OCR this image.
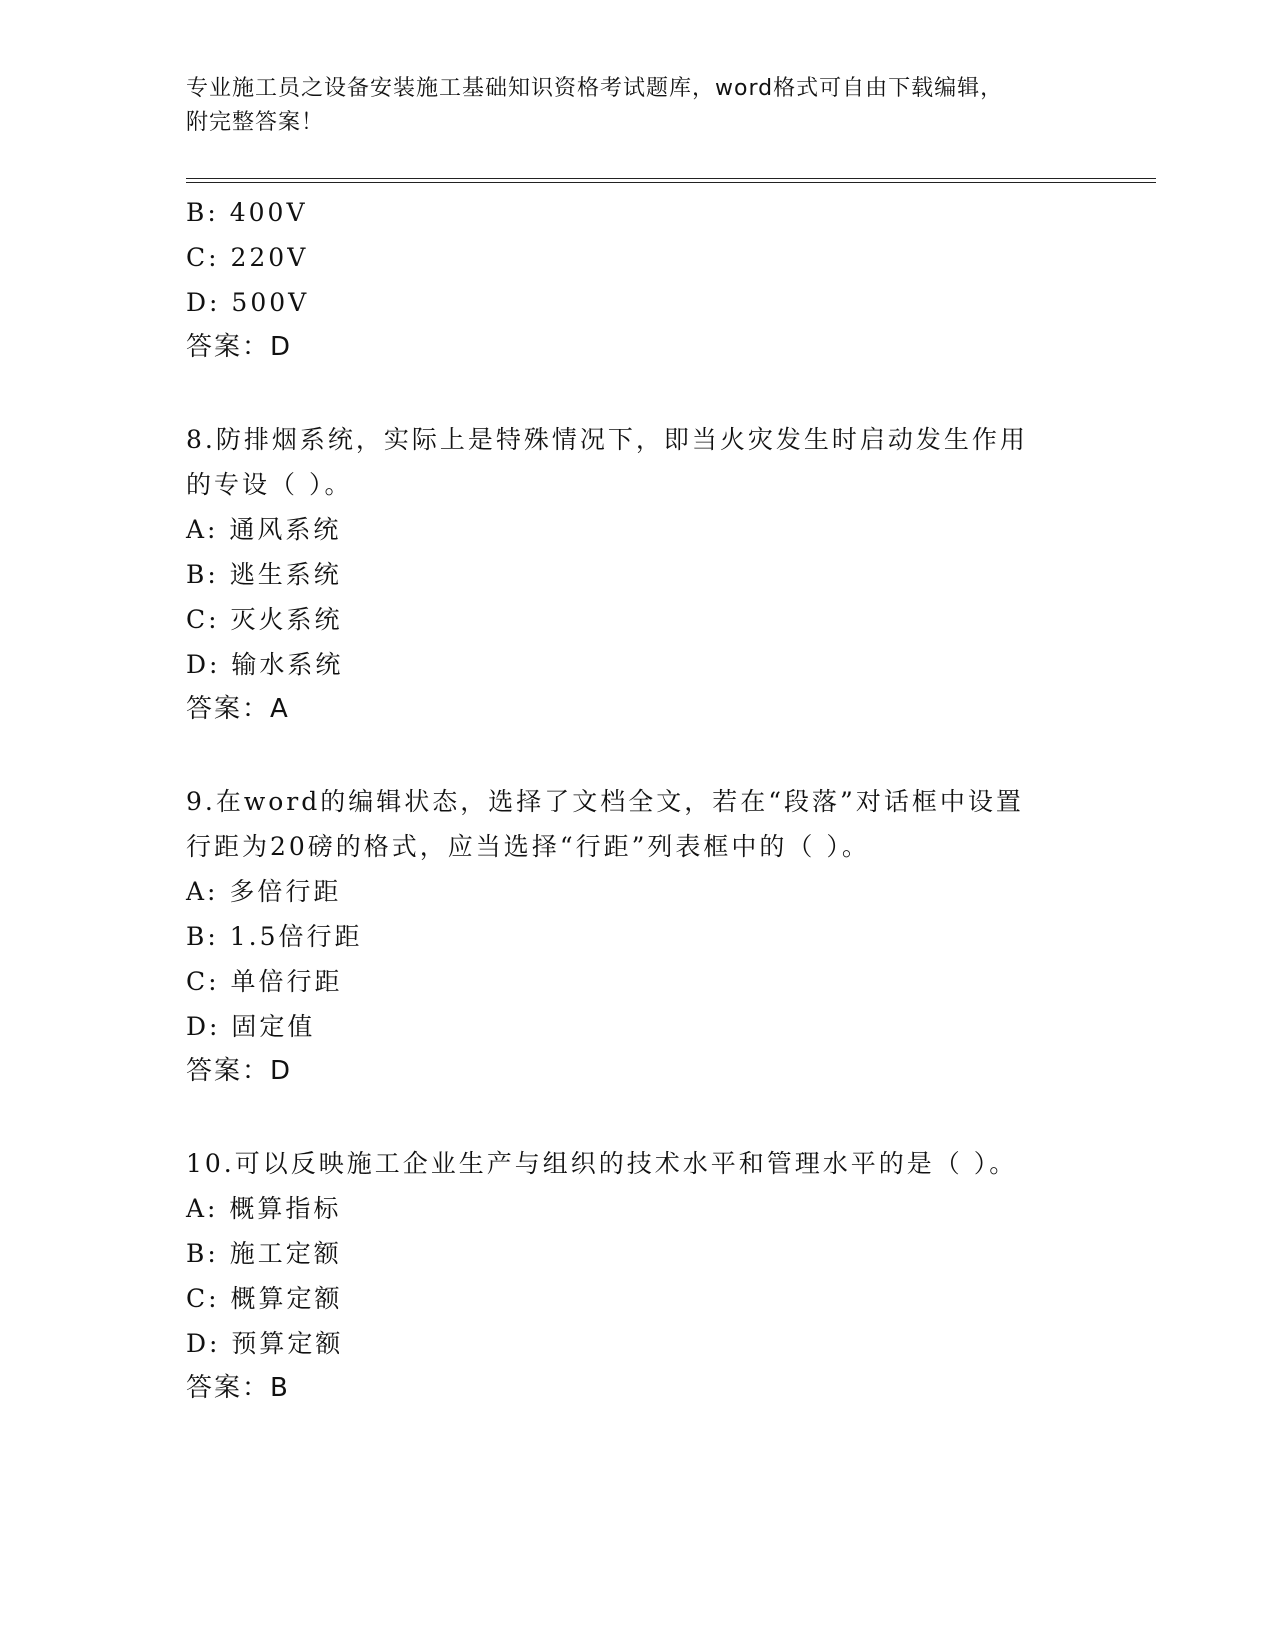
专业施工员之设备安装施工基础知识资格考试题库，word格式可自由下载编辑，
附完整答案！
B: 400V
C: 220V
D: 500V
答案：D
8.防排烟系统，实际上是特殊情况下，即当火灾发生时启动发生作用
的专设（ ）。
A: 通风系统
B: 逃生系统
C: 灭火系统
D: 输水系统
答案：A
9.在word的编辑状态，选择了文档全文，若在“段落”对话框中设置
行距为20磅的格式，应当选择“行距”列表框中的（ ）。
A: 多倍行距
B: 1.5倍行距
C: 单倍行距
D: 固定值
答案：D
10.可以反映施工企业生产与组织的技术水平和管理水平的是（ ）。
A: 概算指标
B: 施工定额
C: 概算定额
D: 预算定额
答案：B
